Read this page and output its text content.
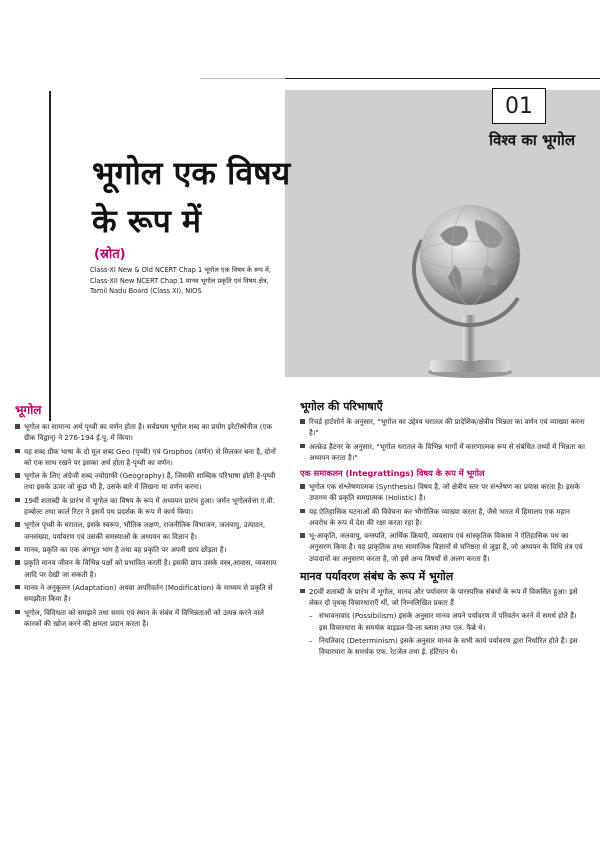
01
विश्व का भूगोल
भूगोल एक विषय
के रूप में
(स्रोत)
Class-XI New & Old NCERT Chap 1 भूगोल एक विषय के रूप में,
Class-XII New NCERT Chap 1 मानव भूगोल प्रकृति एवं विषय क्षेत्र,
Tamil Nadu Board (Class XI), NIOS
भूगोल
भूगोल का सामान्य अर्थ पृथ्वी का वर्णन होता है। सर्वप्रथम भूगोल शब्द का प्रयोग इरेटॉस्थेनीज (एक ग्रीक विद्वान्) ने 276-194 ई.पू. में किया।
यह शब्द ग्रीक भाषा के दो मूल शब्द Geo (पृथ्वी) एवं Grophos (वर्णन) से मिलकर बना है, दोनों को एक साथ रखने पर इसका अर्थ होता है-पृथ्वी का वर्णन।
भूगोल के लिए अंग्रेजी शब्द ज्योग्राफी (Geography) है, जिसकी शाब्दिक परिभाषा होती है-पृथ्वी तथा इसके ऊपर जो कुछ भी है, उसके बारे में लिखना या वर्णन करना।
19वीं शताब्दी के प्रारंभ में भूगोल का विषय के रूप में अध्ययन प्रारंभ हुआ। जर्मन भूगोलवेत्ता ए.वी. हम्बोल्ट तथा कार्ल रिटर ने इसमें पथ प्रदर्शक के रूप में कार्य किया।
भूगोल पृथ्वी के धरातल, इसके स्वरूप, भौतिक लक्षण, राजनीतिक विभाजन, जलवायु, उत्पादन, जनसंख्या, पर्यावरण एवं उसकी समस्याओं के अध्ययन का विज्ञान है।
मानव, प्रकृति का एक अंगभूत भाग है तथा वह प्रकृति पर अपनी छाप छोड़ता है।
प्रकृति मानव जीवन के विभिन्न पक्षों को प्रभावित करती है। इसकी छाप उसके वस्त्र,आवास, व्यवसाय आदि पर देखी जा सकती है।
मानव ने अनुकूलन (Adaptation) अथवा अपरिवर्तन (Modification) के माध्यम से प्रकृति से समझौता किया है।
भूगोल, विविधता को समझने तथा समय एवं स्थान के संबंध में विभिन्नताओं को उत्पन्न करने वाले कारकों की खोज करने की क्षमता प्रदान करता है।
भूगोल की परिभाषाएँ
रिचर्ड हार्टशोर्न के अनुसार, "भूगोल का उद्देश्य धरातल की प्रादेशिक/क्षेत्रीय भिन्नता का वर्णन एवं व्याख्या करना है।"
अल्फ्रेड हैटनर के अनुसार, "भूगोल धरातल के विभिन्न भागों में कारणात्मक रूप से संबंधित तथ्यों में भिन्नता का अध्ययन करता है।"
एक समाकलन (Integrattings) विषय के रूप में भूगोल
भूगोल एक संश्लेषणात्मक (Synthesis) विषय है, जो क्षेत्रीय स्तर पर संश्लेषण का प्रयास करता है। इसके उपागम की प्रकृति समग्रात्मक (Holistic) है।
यह ऐतिहासिक घटनाओं की विवेचना कर भौगोलिक व्याख्या करता है, जैसे भारत में हिमालय एक महान अवरोध के रूप में देश की रक्षा करता रहा है।
भू-आकृति, जलवायु, वनस्पति, आर्थिक क्रियाएँ, व्यवसाय एवं सांस्कृतिक विकास ने ऐतिहासिक पथ का अनुसरण किया है। यह प्राकृतिक तथा सामाजिक विज्ञानों से घनिष्ठता से जुड़ा है, जो अध्ययन के विधि तंत्र एवं उपादानों का अनुसरण करता है, जो इसे अन्य विषयों से अलग करता है।
मानव पर्यावरण संबंध के रूप में भूगोल
20वीं शताब्दी के प्रारंभ में भूगोल, मानव और पर्यावरण के पारस्परिक संबंधों के रूप में विकसित हुआ। इसे लेकर दो पृथक् विचारधाराएँ थीं, जो निम्नलिखित प्रकार हैं
– संभावनावाद (Possibilism) इसके अनुसार मानव अपने पर्यावरण में परिवर्तन करने में समर्थ होते हैं। इस विचारधारा के समर्थक वाइडल-डि-ला ब्लाश तथा एल. फैब्रे थे।
– नियतिवाद (Determinism) इसके अनुसार मानव के सभी कार्य पर्यावरण द्वारा निर्धारित होते हैं। इस विचारधारा के समर्थक एफ. रेटजेल तथा ई. हंटिंग्टन थे।
